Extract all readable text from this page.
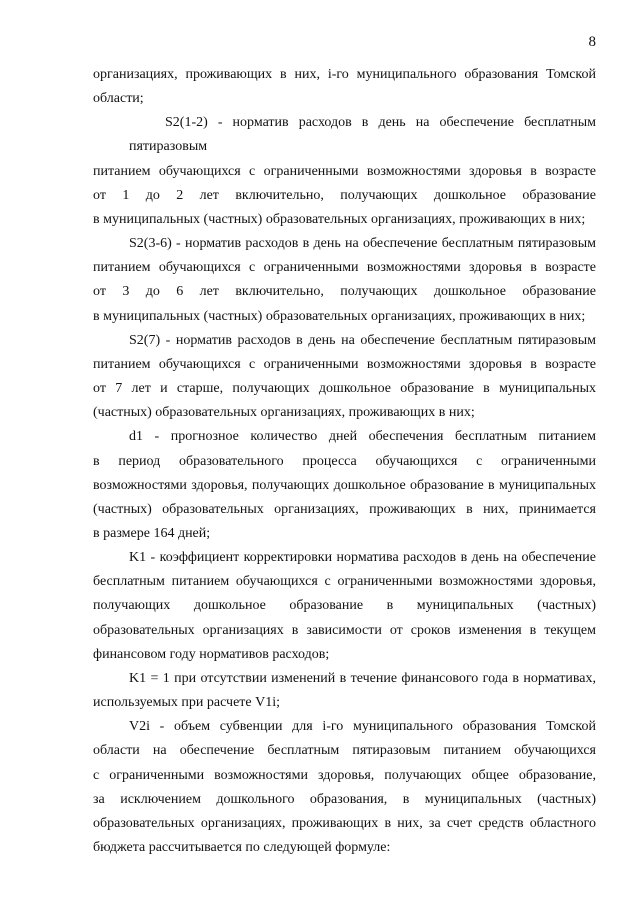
8

организациях, проживающих в них, i-го муниципального образования Томской
области;

S2(1-2) - норматив расходов в день на обеспечение бесплатным пятиразовым
питанием обучающихся с ограниченными возможностями здоровья в возрасте
от 1 до 2 лет включительно, получающих дошкольное образование
в муниципальных (частных) образовательных организациях, проживающих в них;

S2(3-6) - норматив расходов в день на обеспечение бесплатным пятиразовым
питанием обучающихся с ограниченными возможностями здоровья в возрасте
от 3 до 6 лет включительно, получающих дошкольное образование
в муниципальных (частных) образовательных организациях, проживающих в них;

S2(7) - норматив расходов в день на обеспечение бесплатным пятиразовым
питанием обучающихся с ограниченными возможностями здоровья в возрасте
от 7 лет и старше, получающих дошкольное образование в муниципальных
(частных) образовательных организациях, проживающих в них;

d1 - прогнозное количество дней обеспечения бесплатным питанием
в период образовательного процесса обучающихся с ограниченными
возможностями здоровья, получающих дошкольное образование в муниципальных
(частных) образовательных организациях, проживающих в них, принимается
в размере 164 дней;

K1 - коэффициент корректировки норматива расходов в день на обеспечение
бесплатным питанием обучающихся с ограниченными возможностями здоровья,
получающих дошкольное образование в муниципальных (частных)
образовательных организациях в зависимости от сроков изменения в текущем
финансовом году нормативов расходов;

K1 = 1 при отсутствии изменений в течение финансового года в нормативах,
используемых при расчете V1i;

V2i - объем субвенции для i-го муниципального образования Томской
области на обеспечение бесплатным пятиразовым питанием обучающихся
с ограниченными возможностями здоровья, получающих общее образование,
за исключением дошкольного образования, в муниципальных (частных)
образовательных организациях, проживающих в них, за счет средств областного
бюджета рассчитывается по следующей формуле:
